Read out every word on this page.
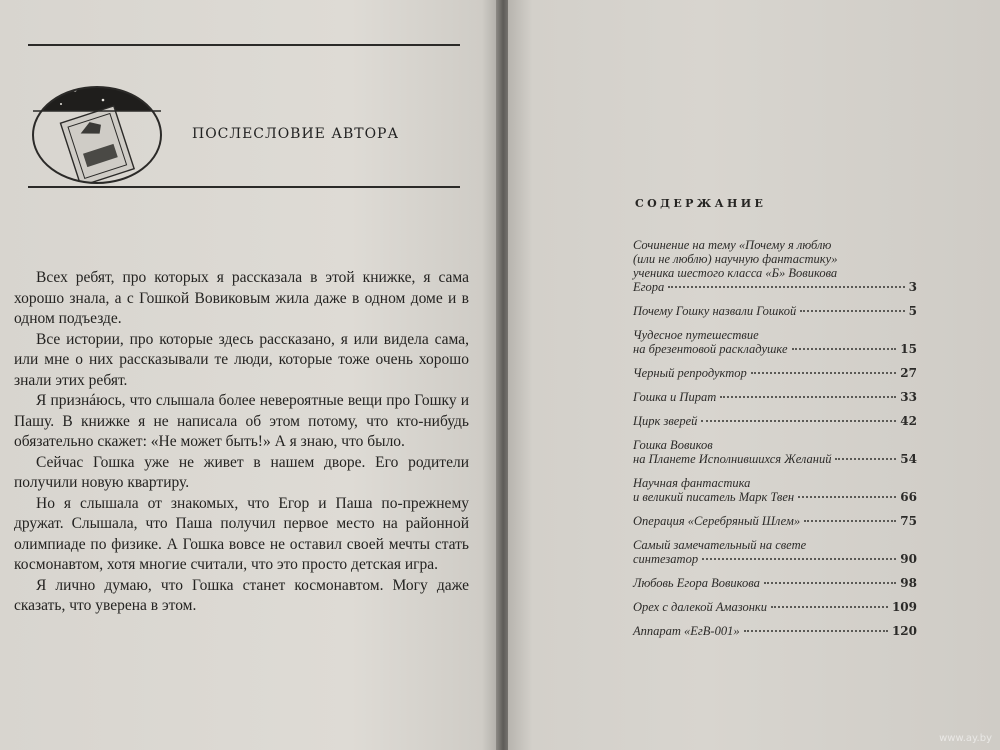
ПОСЛЕСЛОВИЕ АВТОРА

Всех ребят, про которых я рассказала в этой книжке, я сама хорошо знала, а с Гошкой Вовиковым жила даже в одном доме и в одном подъезде.

Все истории, про которые здесь рассказано, я или видела сама, или мне о них рассказывали те люди, которые тоже очень хорошо знали этих ребят.

Я признáюсь, что слышала более невероятные вещи про Гошку и Пашу. В книжке я не написала об этом потому, что кто-нибудь обязательно скажет: «Не может быть!» А я знаю, что было.

Сейчас Гошка уже не живет в нашем дворе. Его родители получили новую квартиру.

Но я слышала от знакомых, что Егор и Паша по-прежнему дружат. Слышала, что Паша получил первое место на районной олимпиаде по физике. А Гошка вовсе не оставил своей мечты стать космонавтом, хотя многие считали, что это просто детская игра.

Я лично думаю, что Гошка станет космонавтом. Могу даже сказать, что уверена в этом.

СОДЕРЖАНИЕ
Сочинение на тему «Почему я люблю
(или не люблю) научную фантастику»
ученика шестого класса «Б» Вовикова
Егора	3
Почему Гошку назвали Гошкой	5
Чудесное путешествие
на брезентовой раскладушке	15
Черный репродуктор	27
Гошка и Пират	33
Цирк зверей	42
Гошка Вовиков
на Планете Исполнившихся Желаний	54
Научная фантастика
и великий писатель Марк Твен	66
Операция «Серебряный Шлем»	75
Самый замечательный на свете
синтезатор	90
Любовь Егора Вовикова	98
Орех с далекой Амазонки	109
Аппарат «ЕгВ-001»	120
www.ay.by
